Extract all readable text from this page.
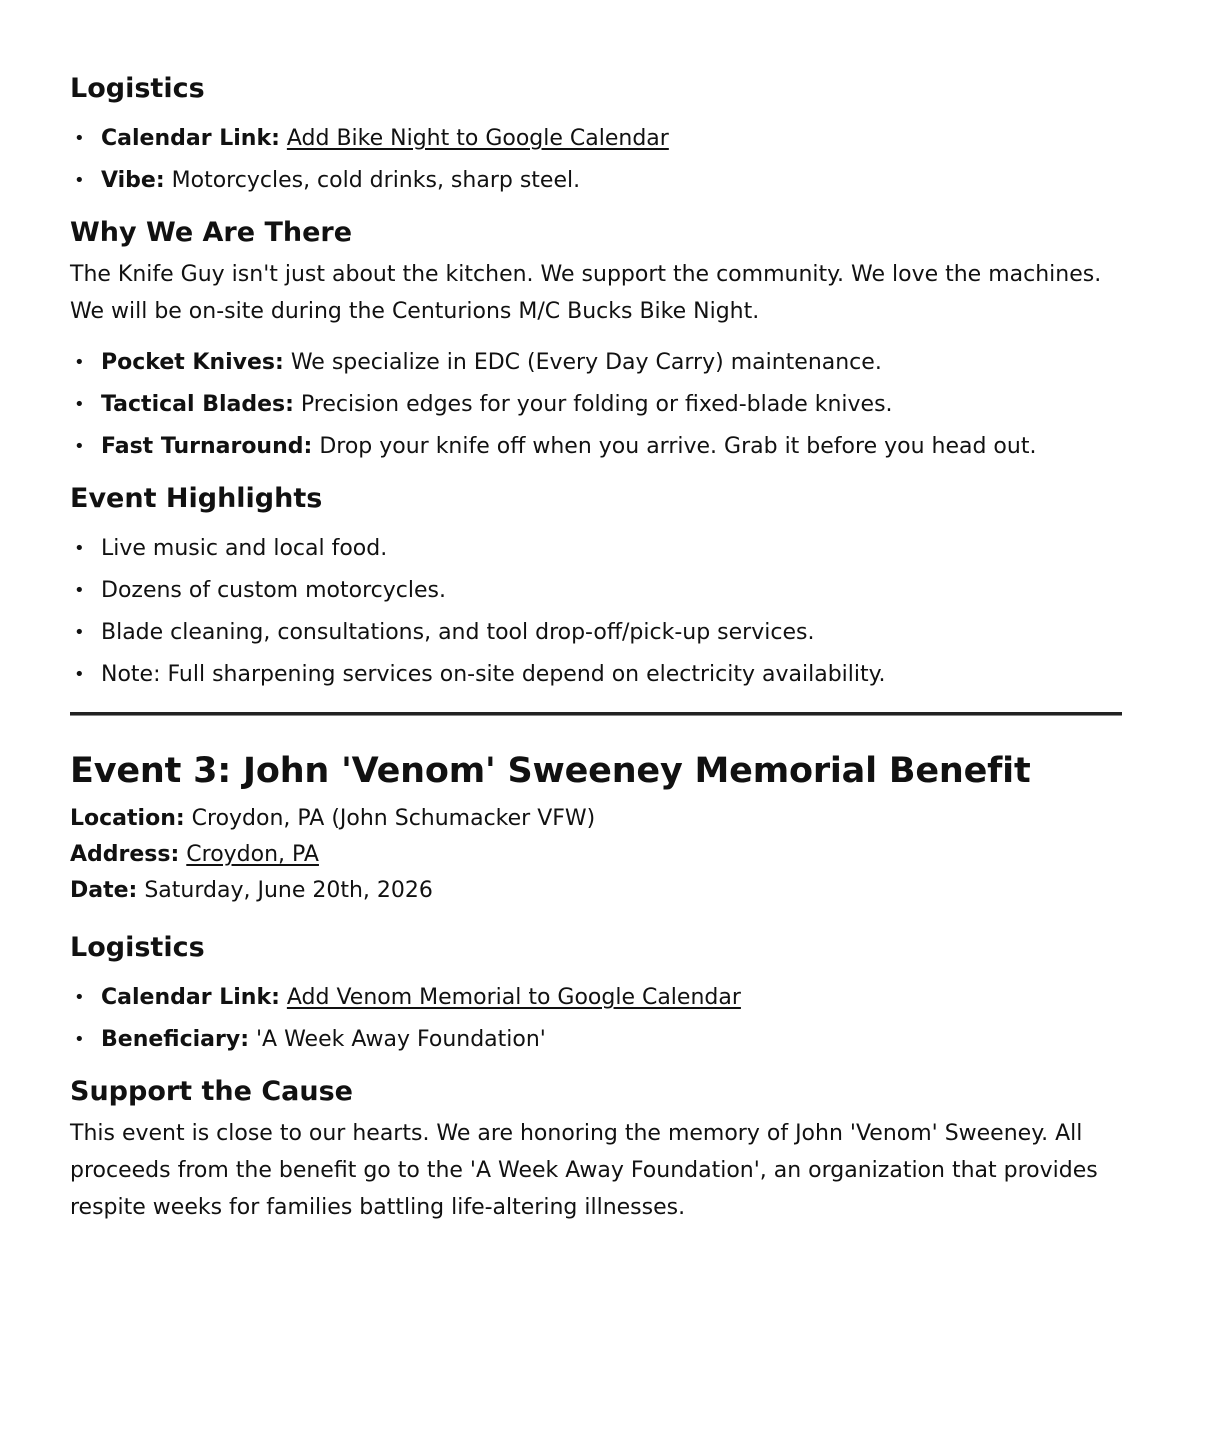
Logistics
• Calendar Link: Add Bike Night to Google Calendar
• Vibe: Motorcycles, cold drinks, sharp steel.
Why We Are There

The Knife Guy isn't just about the kitchen. We support the community. We love the machines. We will be on-site during the Centurions M/C Bucks Bike Night.

• Pocket Knives: We specialize in EDC (Every Day Carry) maintenance.
• Tactical Blades: Precision edges for your folding or fixed-blade knives.
• Fast Turnaround: Drop your knife off when you arrive. Grab it before you head out.
Event Highlights
• Live music and local food.
• Dozens of custom motorcycles.
• Blade cleaning, consultations, and tool drop-off/pick-up services.
• Note: Full sharpening services on-site depend on electricity availability.
Event 3: John 'Venom' Sweeney Memorial Benefit
Location: Croydon, PA (John Schumacker VFW)
Address: Croydon, PA
Date: Saturday, June 20th, 2026
Logistics
• Calendar Link: Add Venom Memorial to Google Calendar
• Beneficiary: 'A Week Away Foundation'
Support the Cause

This event is close to our hearts. We are honoring the memory of John 'Venom' Sweeney. All proceeds from the benefit go to the 'A Week Away Foundation', an organization that provides respite weeks for families battling life-altering illnesses.
